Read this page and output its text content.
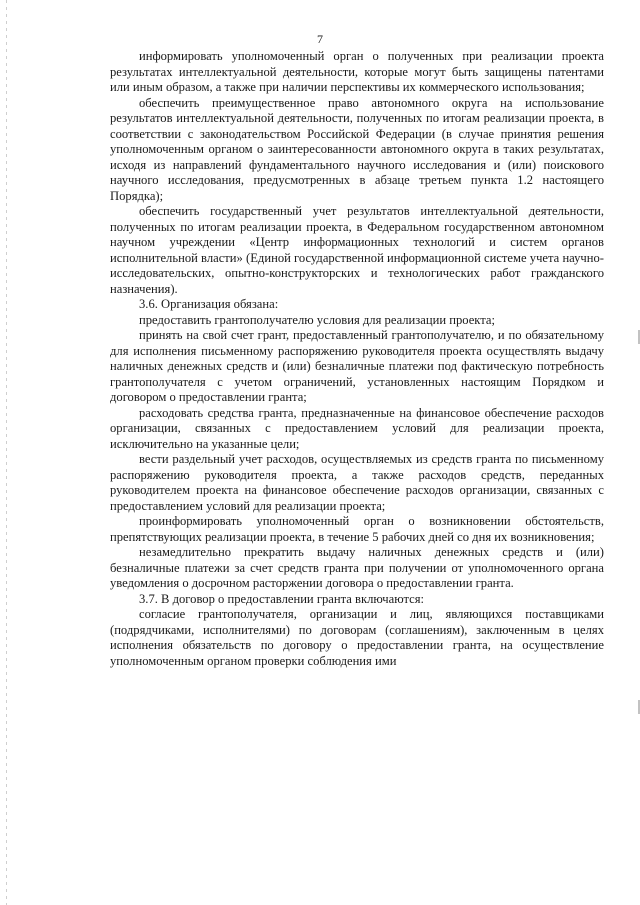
7

информировать уполномоченный орган о полученных при реализации проекта результатах интеллектуальной деятельности, которые могут быть защищены патентами или иным образом, а также при наличии перспективы их коммерческого использования;

обеспечить преимущественное право автономного округа на использование результатов интеллектуальной деятельности, полученных по итогам реализации проекта, в соответствии с законодательством Российской Федерации (в случае принятия решения уполномоченным органом о заинтересованности автономного округа в таких результатах, исходя из направлений фундаментального научного исследования и (или) поискового научного исследования, предусмотренных в абзаце третьем пункта 1.2 настоящего Порядка);

обеспечить государственный учет результатов интеллектуальной деятельности, полученных по итогам реализации проекта, в Федеральном государственном автономном научном учреждении «Центр информационных технологий и систем органов исполнительной власти» (Единой государственной информационной системе учета научно-исследовательских, опытно-конструкторских и технологических работ гражданского назначения).

3.6. Организация обязана:

предоставить грантополучателю условия для реализации проекта;

принять на свой счет грант, предоставленный грантополучателю, и по обязательному для исполнения письменному распоряжению руководителя проекта осуществлять выдачу наличных денежных средств и (или) безналичные платежи под фактическую потребность грантополучателя с учетом ограничений, установленных настоящим Порядком и договором о предоставлении гранта;

расходовать средства гранта, предназначенные на финансовое обеспечение расходов организации, связанных с предоставлением условий для реализации проекта, исключительно на указанные цели;

вести раздельный учет расходов, осуществляемых из средств гранта по письменному распоряжению руководителя проекта, а также расходов средств, переданных руководителем проекта на финансовое обеспечение расходов организации, связанных с предоставлением условий для реализации проекта;

проинформировать уполномоченный орган о возникновении обстоятельств, препятствующих реализации проекта, в течение 5 рабочих дней со дня их возникновения;

незамедлительно прекратить выдачу наличных денежных средств и (или) безналичные платежи за счет средств гранта при получении от уполномоченного органа уведомления о досрочном расторжении договора о предоставлении гранта.

3.7. В договор о предоставлении гранта включаются:

согласие грантополучателя, организации и лиц, являющихся поставщиками (подрядчиками, исполнителями) по договорам (соглашениям), заключенным в целях исполнения обязательств по договору о предоставлении гранта, на осуществление уполномоченным органом проверки соблюдения ими
